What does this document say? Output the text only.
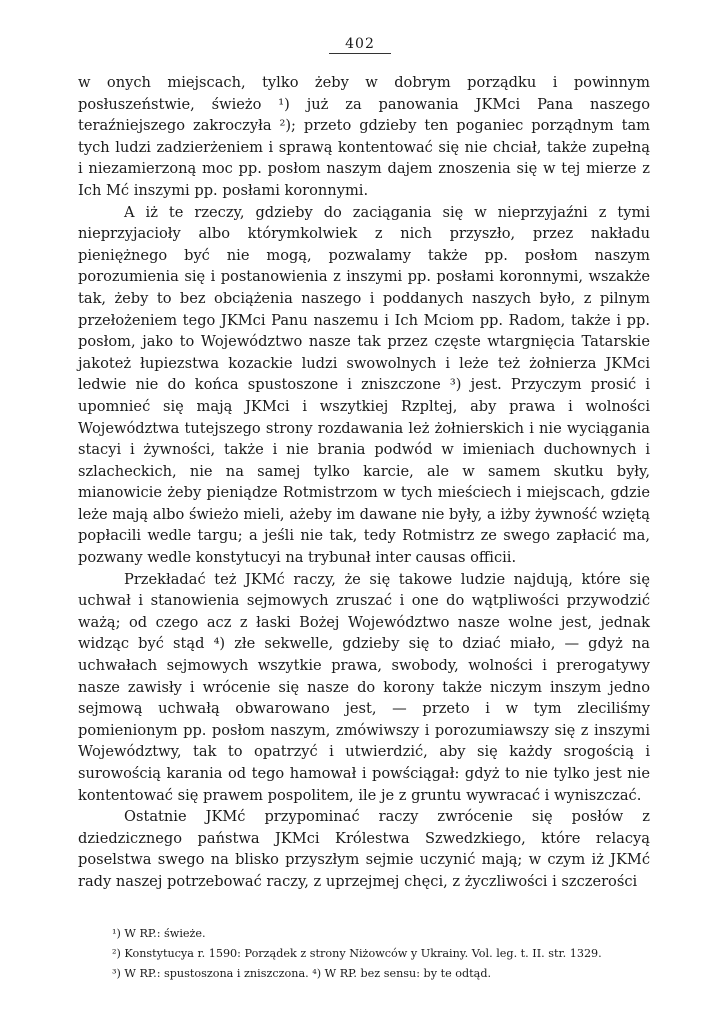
402

w onych miejscach, tylko żeby w dobrym porządku i powinnym posłuszeństwie, świeżo ¹) już za panowania JKMci Pana naszego teraźniejszego zakroczyła ²); przeto gdzieby ten poganiec porządnym tam tych ludzi zadzierżeniem i sprawą kontentować się nie chciał, także zupełną i niezamierzoną moc pp. posłom naszym dajem znoszenia się w tej mierze z Ich Mć inszymi pp. posłami koronnymi.

A iż te rzeczy, gdzieby do zaciągania się w nieprzyjaźni z tymi nieprzyjacioły albo którymkolwiek z nich przyszło, przez nakładu pieniężnego być nie mogą, pozwalamy także pp. posłom naszym porozumienia się i postanowienia z inszymi pp. posłami koronnymi, wszakże tak, żeby to bez obciążenia naszego i poddanych naszych było, z pilnym przełożeniem tego JKMci Panu naszemu i Ich Mciom pp. Radom, także i pp. posłom, jako to Województwo nasze tak przez częste wtargnięcia Tatarskie jakoteż łupiezstwa kozackie ludzi swowolnych i leże też żołnierza JKMci ledwie nie do końca spustoszone i zniszczone ³) jest. Przyczym prosić i upomnieć się mają JKMci i wszytkiej Rzpltej, aby prawa i wolności Województwa tutejszego strony rozdawania leż żołnierskich i nie wyciągania stacyi i żywności, także i nie brania podwód w imieniach duchownych i szlacheckich, nie na samej tylko karcie, ale w samem skutku były, mianowicie żeby pieniądze Rotmistrzom w tych mieściech i miejscach, gdzie leże mają albo świeżo mieli, ażeby im dawane nie były, a iżby żywność wziętą popłacili wedle targu; a jeśli nie tak, tedy Rotmistrz ze swego zapłacić ma, pozwany wedle konstytucyi na trybunał inter causas officii.

Przekładać też JKMć raczy, że się takowe ludzie najdują, które się uchwał i stanowienia sejmowych zruszać i one do wątpliwości przywodzić ważą; od czego acz z łaski Bożej Województwo nasze wolne jest, jednak widząc być stąd ⁴) złe sekwelle, gdzieby się to dziać miało, — gdyż na uchwałach sejmowych wszytkie prawa, swobody, wolności i prerogatywy nasze zawisły i wrócenie się nasze do korony także niczym inszym jedno sejmową uchwałą obwarowano jest, — przeto i w tym zleciliśmy pomienionym pp. posłom naszym, zmówiwszy i porozumiawszy się z inszymi Województwy, tak to opatrzyć i utwierdzić, aby się każdy srogością i surowością karania od tego hamował i powściągał: gdyż to nie tylko jest nie kontentować się prawem pospolitem, ile je z gruntu wywracać i wyniszczać.

Ostatnie JKMć przypominać raczy zwrócenie się posłów z dziedzicznego państwa JKMci Królestwa Szwedzkiego, które relacyą poselstwa swego na blisko przyszłym sejmie uczynić mają; w czym iż JKMć rady naszej potrzebować raczy, z uprzejmej chęci, z życzliwości i szczerości

¹) W RP.: świeże.
²) Konstytucya r. 1590: Porządek z strony Niżowców y Ukrainy. Vol. leg. t. II. str. 1329.
³) W RP.: spustoszona i zniszczona. ⁴) W RP. bez sensu: by te odtąd.
